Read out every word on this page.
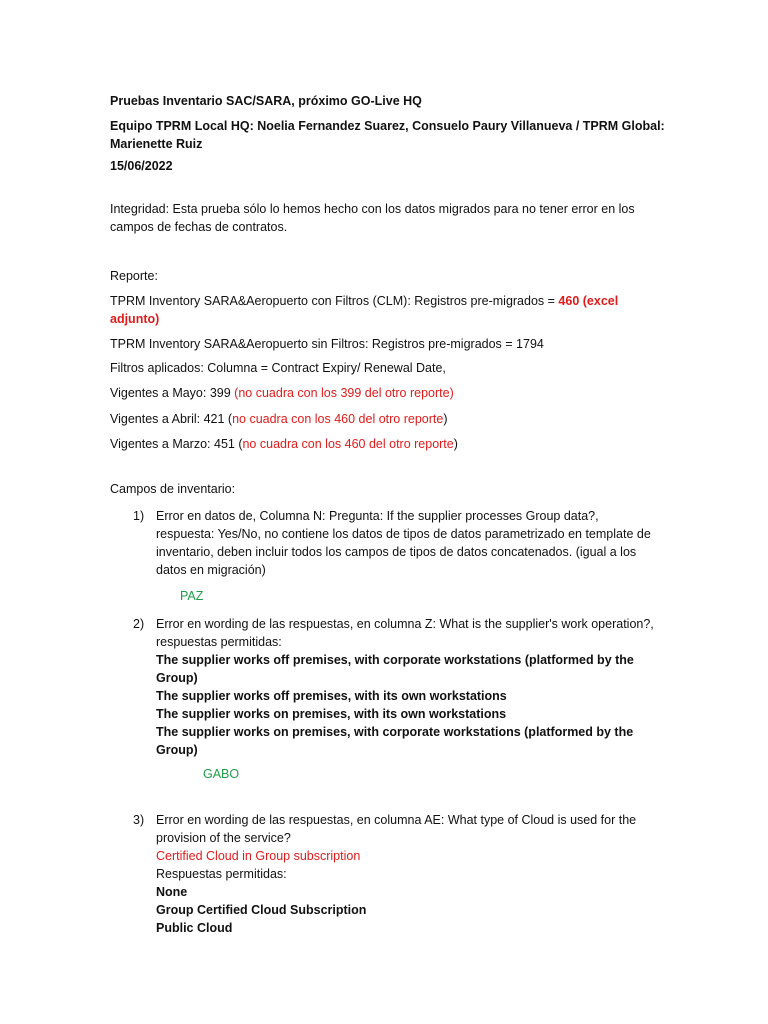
Pruebas Inventario SAC/SARA, próximo GO-Live HQ

Equipo TPRM Local HQ: Noelia Fernandez Suarez, Consuelo Paury Villanueva / TPRM Global: Marienette Ruiz

15/06/2022

Integridad: Esta prueba sólo lo hemos hecho con los datos migrados para no tener error en los campos de fechas de contratos.

Reporte:

TPRM Inventory SARA&Aeropuerto con Filtros (CLM): Registros pre-migrados = 460 (excel adjunto)

TPRM Inventory SARA&Aeropuerto sin Filtros: Registros pre-migrados = 1794

Filtros aplicados: Columna = Contract Expiry/ Renewal Date,

Vigentes a Mayo: 399 (no cuadra con los 399 del otro reporte)

Vigentes a Abril: 421 (no cuadra con los 460 del otro reporte)

Vigentes a Marzo: 451 (no cuadra con los 460 del otro reporte)

Campos de inventario:

1) Error en datos de, Columna N: Pregunta: If the supplier processes Group data?, respuesta: Yes/No, no contiene los datos de tipos de datos parametrizado en template de inventario, deben incluir todos los campos de tipos de datos concatenados. (igual a los datos en migración)

PAZ

2) Error en wording de las respuestas, en columna Z: What is the supplier's work operation?, respuestas permitidas:
The supplier works off premises, with corporate workstations (platformed by the Group)
The supplier works off premises, with its own workstations
The supplier works on premises, with its own workstations
The supplier works on premises, with corporate workstations (platformed by the Group)

GABO

3) Error en wording de las respuestas, en columna AE: What type of Cloud is used for the provision of the service?
Certified Cloud in Group subscription
Respuestas permitidas:
None
Group Certified Cloud Subscription
Public Cloud
